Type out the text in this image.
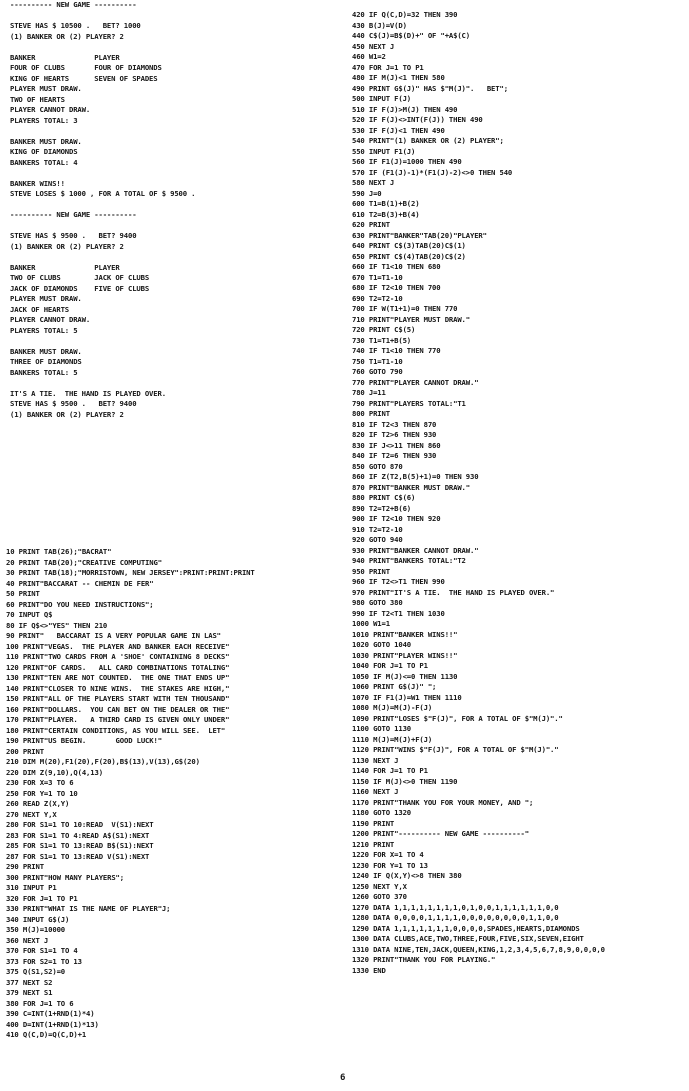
---------- NEW GAME ----------
STEVE HAS $ 10500 .   BET? 1000
(1) BANKER OR (2) PLAYER? 2
BANKER              PLAYER
FOUR OF CLUBS       FOUR OF DIAMONDS
KING OF HEARTS      SEVEN OF SPADES
PLAYER MUST DRAW.
TWO OF HEARTS
PLAYER CANNOT DRAW.
PLAYERS TOTAL: 3
BANKER MUST DRAW.
KING OF DIAMONDS
BANKERS TOTAL: 4
BANKER WINS!!
STEVE LOSES $ 1000 , FOR A TOTAL OF $ 9500 .
---------- NEW GAME ----------
STEVE HAS $ 9500 .   BET? 9400
(1) BANKER OR (2) PLAYER? 2
BANKER              PLAYER
TWO OF CLUBS        JACK OF CLUBS
JACK OF DIAMONDS    FIVE OF CLUBS
PLAYER MUST DRAW.
JACK OF HEARTS
PLAYER CANNOT DRAW.
PLAYERS TOTAL: 5
BANKER MUST DRAW.
THREE OF DIAMONDS
BANKERS TOTAL: 5
IT'S A TIE.  THE HAND IS PLAYED OVER.
STEVE HAS $ 9500 .   BET? 9400
(1) BANKER OR (2) PLAYER? 2
10 PRINT TAB(26);"BACRAT"
20 PRINT TAB(20);"CREATIVE COMPUTING"
30 PRINT TAB(18);"MORRISTOWN, NEW JERSEY":PRINT:PRINT:PRINT
40 PRINT"BACCARAT -- CHEMIN DE FER"
50 PRINT
60 PRINT"DO YOU NEED INSTRUCTIONS";
70 INPUT Q$
80 IF Q$<>"YES" THEN 210
90 PRINT"   BACCARAT IS A VERY POPULAR GAME IN LAS"
100 PRINT"VEGAS.  THE PLAYER AND BANKER EACH RECEIVE"
110 PRINT"TWO CARDS FROM A 'SHOE' CONTAINING 8 DECKS"
120 PRINT"OF CARDS.   ALL CARD COMBINATIONS TOTALING"
130 PRINT"TEN ARE NOT COUNTED.  THE ONE THAT ENDS UP"
140 PRINT"CLOSER TO NINE WINS.  THE STAKES ARE HIGH,"
150 PRINT"ALL OF THE PLAYERS START WITH TEN THOUSAND"
160 PRINT"DOLLARS.  YOU CAN BET ON THE DEALER OR THE"
170 PRINT"PLAYER.   A THIRD CARD IS GIVEN ONLY UNDER"
180 PRINT"CERTAIN CONDITIONS, AS YOU WILL SEE.  LET"
190 PRINT"US BEGIN.       GOOD LUCK!"
200 PRINT
210 DIM M(20),F1(20),F(20),B$(13),V(13),G$(20)
220 DIM Z(9,10),Q(4,13)
230 FOR X=3 TO 6
250 FOR Y=1 TO 10
260 READ Z(X,Y)
270 NEXT Y,X
280 FOR S1=1 TO 10:READ  V(S1):NEXT
283 FOR S1=1 TO 4:READ A$(S1):NEXT
285 FOR S1=1 TO 13:READ B$(S1):NEXT
287 FOR S1=1 TO 13:READ V(S1):NEXT
290 PRINT
300 PRINT"HOW MANY PLAYERS";
310 INPUT P1
320 FOR J=1 TO P1
330 PRINT"WHAT IS THE NAME OF PLAYER"J;
340 INPUT G$(J)
350 M(J)=10000
360 NEXT J
370 FOR S1=1 TO 4
373 FOR S2=1 TO 13
375 Q(S1,S2)=0
377 NEXT S2
379 NEXT S1
380 FOR J=1 TO 6
390 C=INT(1+RND(1)*4)
400 D=INT(1+RND(1)*13)
410 Q(C,D)=Q(C,D)+1
420 IF Q(C,D)=32 THEN 390
430 B(J)=V(D)
440 C$(J)=B$(D)+" OF "+A$(C)
450 NEXT J
460 W1=2
470 FOR J=1 TO P1
480 IF M(J)<1 THEN 580
490 PRINT G$(J)" HAS $"M(J)".   BET";
500 INPUT F(J)
510 IF F(J)>M(J) THEN 490
520 IF F(J)<>INT(F(J)) THEN 490
530 IF F(J)<1 THEN 490
540 PRINT"(1) BANKER OR (2) PLAYER";
550 INPUT F1(J)
560 IF F1(J)=1000 THEN 490
570 IF (F1(J)-1)*(F1(J)-2)<>0 THEN 540
580 NEXT J
590 J=0
600 T1=B(1)+B(2)
610 T2=B(3)+B(4)
620 PRINT
630 PRINT"BANKER"TAB(20)"PLAYER"
640 PRINT C$(3)TAB(20)C$(1)
650 PRINT C$(4)TAB(20)C$(2)
660 IF T1<10 THEN 680
670 T1=T1-10
680 IF T2<10 THEN 700
690 T2=T2-10
700 IF W(T1+1)=0 THEN 770
710 PRINT"PLAYER MUST DRAW."
720 PRINT C$(5)
730 T1=T1+B(5)
740 IF T1<10 THEN 770
750 T1=T1-10
760 GOTO 790
770 PRINT"PLAYER CANNOT DRAW."
780 J=11
790 PRINT"PLAYERS TOTAL:"T1
800 PRINT
810 IF T2<3 THEN 870
820 IF T2>6 THEN 930
830 IF J<>11 THEN 860
840 IF T2=6 THEN 930
850 GOTO 870
860 IF Z(T2,B(5)+1)=0 THEN 930
870 PRINT"BANKER MUST DRAW."
880 PRINT C$(6)
890 T2=T2+B(6)
900 IF T2<10 THEN 920
910 T2=T2-10
920 GOTO 940
930 PRINT"BANKER CANNOT DRAW."
940 PRINT"BANKERS TOTAL:"T2
950 PRINT
960 IF T2<>T1 THEN 990
970 PRINT"IT'S A TIE.  THE HAND IS PLAYED OVER."
980 GOTO 380
990 IF T2<T1 THEN 1030
1000 W1=1
1010 PRINT"BANKER WINS!!"
1020 GOTO 1040
1030 PRINT"PLAYER WINS!!"
1040 FOR J=1 TO P1
1050 IF M(J)<=0 THEN 1130
1060 PRINT G$(J)" ";
1070 IF F1(J)=W1 THEN 1110
1080 M(J)=M(J)-F(J)
1090 PRINT"LOSES $"F(J)", FOR A TOTAL OF $"M(J)"."
1100 GOTO 1130
1110 M(J)=M(J)+F(J)
1120 PRINT"WINS $"F(J)", FOR A TOTAL OF $"M(J)"."
1130 NEXT J
1140 FOR J=1 TO P1
1150 IF M(J)<>0 THEN 1190
1160 NEXT J
1170 PRINT"THANK YOU FOR YOUR MONEY, AND ";
1180 GOTO 1320
1190 PRINT
1200 PRINT"---------- NEW GAME ----------"
1210 PRINT
1220 FOR X=1 TO 4
1230 FOR Y=1 TO 13
1240 IF Q(X,Y)<>8 THEN 380
1250 NEXT Y,X
1260 GOTO 370
1270 DATA 1,1,1,1,1,1,1,1,0,1,0,0,1,1,1,1,1,1,0,0
1280 DATA 0,0,0,0,1,1,1,1,0,0,0,0,0,0,0,0,1,1,0,0
1290 DATA 1,1,1,1,1,1,1,0,0,0,0,SPADES,HEARTS,DIAMONDS
1300 DATA CLUBS,ACE,TWO,THREE,FOUR,FIVE,SIX,SEVEN,EIGHT
1310 DATA NINE,TEN,JACK,QUEEN,KING,1,2,3,4,5,6,7,8,9,0,0,0,0
1320 PRINT"THANK YOU FOR PLAYING."
1330 END
6
